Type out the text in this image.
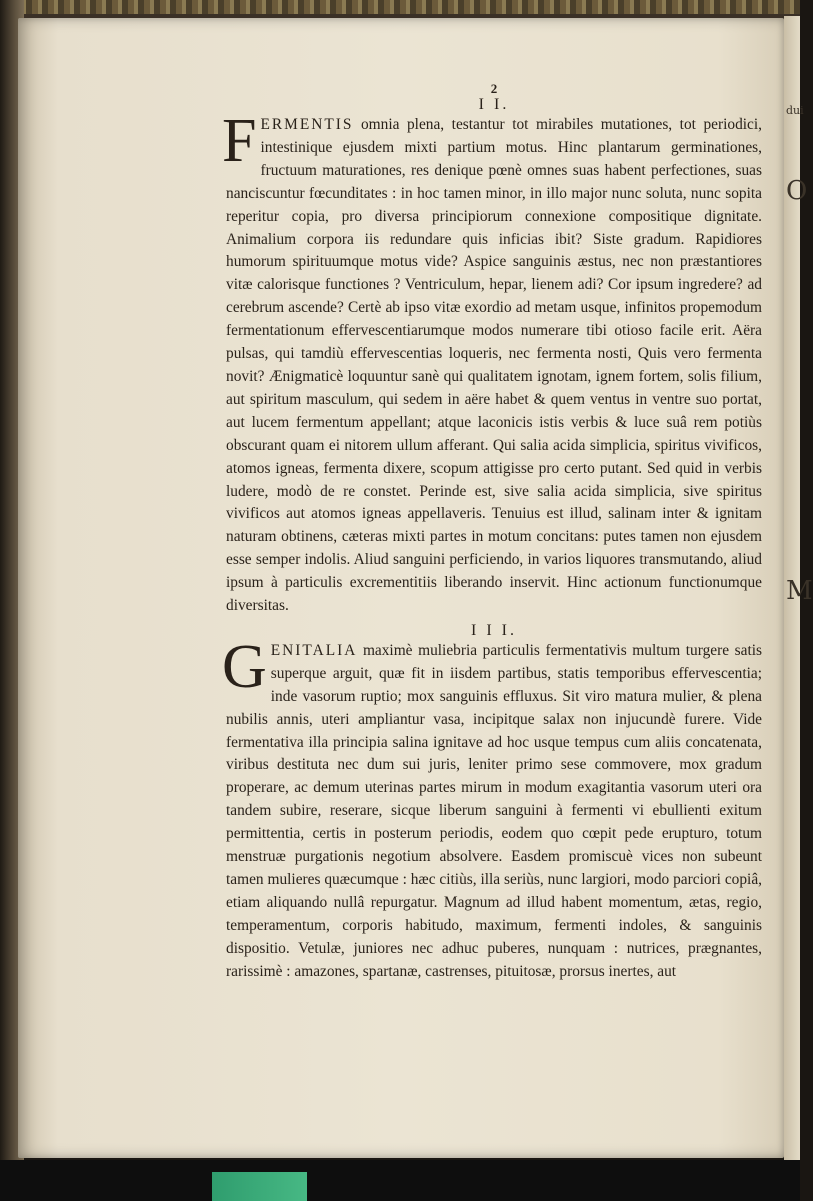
dui
O
M
2
I I.

FERMENTIS omnia plena, testantur tot mirabiles mutationes, tot periodici, intestinique ejusdem mixti partium motus. Hinc plantarum germinationes, fructuum maturationes, res denique pœnè omnes suas habent perfectiones, suas nanciscuntur fœcunditates : in hoc tamen minor, in illo major nunc soluta, nunc sopita reperitur copia, pro diversa principiorum connexione compositique dignitate. Animalium corpora iis redundare quis inficias ibit? Siste gradum. Rapidiores humorum spirituumque motus vide? Aspice sanguinis æstus, nec non præstantiores vitæ calorisque functiones ? Ventriculum, hepar, lienem adi? Cor ipsum ingredere? ad cerebrum ascende? Certè ab ipso vitæ exordio ad metam usque, infinitos propemodum fermentationum effervescentiarumque modos numerare tibi otioso facile erit. Aëra pulsas, qui tamdiù effervescentias loqueris, nec fermenta nosti, Quis vero fermenta novit? Ænigmaticè loquuntur sanè qui qualitatem ignotam, ignem fortem, solis filium, aut spiritum masculum, qui sedem in aëre habet & quem ventus in ventre suo portat, aut lucem fermentum appellant; atque laconicis istis verbis & luce suâ rem potiùs obscurant quam ei nitorem ullum afferant. Qui salia acida simplicia, spiritus vivificos, atomos igneas, fermenta dixere, scopum attigisse pro certo putant. Sed quid in verbis ludere, modò de re constet. Perinde est, sive salia acida simplicia, sive spiritus vivificos aut atomos igneas appellaveris. Tenuius est illud, salinam inter & ignitam naturam obtinens, cæteras mixti partes in motum concitans: putes tamen non ejusdem esse semper indolis. Aliud sanguini perficiendo, in varios liquores transmutando, aliud ipsum à particulis excrementitiis liberando inservit. Hinc actionum functionumque diversitas.

I I I.

GENITALIA maximè muliebria particulis fermentativis multum turgere satis superque arguit, quæ fit in iisdem partibus, statis temporibus effervescentia; inde vasorum ruptio; mox sanguinis effluxus. Sit viro matura mulier, & plena nubilis annis, uteri ampliantur vasa, incipitque salax non injucundè furere. Vide fermentativa illa principia salina ignitave ad hoc usque tempus cum aliis concatenata, viribus destituta nec dum sui juris, leniter primo sese commovere, mox gradum properare, ac demum uterinas partes mirum in modum exagitantia vasorum uteri ora tandem subire, reserare, sicque liberum sanguini à fermenti vi ebullienti exitum permittentia, certis in posterum periodis, eodem quo cœpit pede erupturo, totum menstruæ purgationis negotium absolvere. Easdem promiscuè vices non subeunt tamen mulieres quæcumque : hæc citiùs, illa seriùs, nunc largiori, modo parciori copiâ, etiam aliquando nullâ repurgatur. Magnum ad illud habent momentum, ætas, regio, temperamentum, corporis habitudo, maximum, fermenti indoles, & sanguinis dispositio. Vetulæ, juniores nec adhuc puberes, nunquam : nutrices, prægnantes, rarissimè : amazones, spartanæ, castrenses, pituitosæ, prorsus inertes, aut
